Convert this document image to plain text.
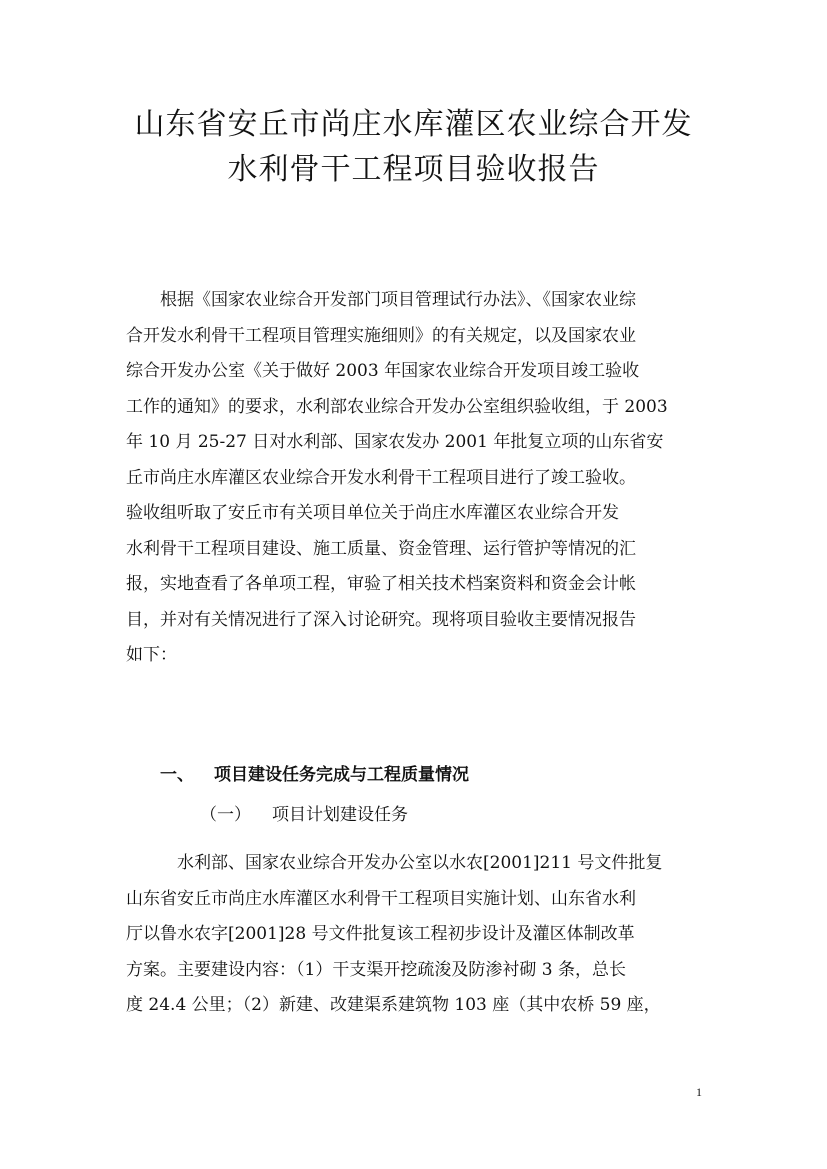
山东省安丘市尚庄水库灌区农业综合开发
水利骨干工程项目验收报告
根据《国家农业综合开发部门项目管理试行办法》、《国家农业综
合开发水利骨干工程项目管理实施细则》的有关规定，以及国家农业
综合开发办公室《关于做好 2003 年国家农业综合开发项目竣工验收
工作的通知》的要求，水利部农业综合开发办公室组织验收组，于 2003
年 10 月 25-27 日对水利部、国家农发办 2001 年批复立项的山东省安
丘市尚庄水库灌区农业综合开发水利骨干工程项目进行了竣工验收。
验收组听取了安丘市有关项目单位关于尚庄水库灌区农业综合开发
水利骨干工程项目建设、施工质量、资金管理、运行管护等情况的汇
报，实地查看了各单项工程，审验了相关技术档案资料和资金会计帐
目，并对有关情况进行了深入讨论研究。现将项目验收主要情况报告
如下：
一、 项目建设任务完成与工程质量情况
（一） 项目计划建设任务
水利部、国家农业综合开发办公室以水农[2001]211 号文件批复
山东省安丘市尚庄水库灌区水利骨干工程项目实施计划、山东省水利
厅以鲁水农字[2001]28 号文件批复该工程初步设计及灌区体制改革
方案。主要建设内容：（1）干支渠开挖疏浚及防渗衬砌 3 条，总长
度 24.4 公里；（2）新建、改建渠系建筑物 103 座（其中农桥 59 座，
1
